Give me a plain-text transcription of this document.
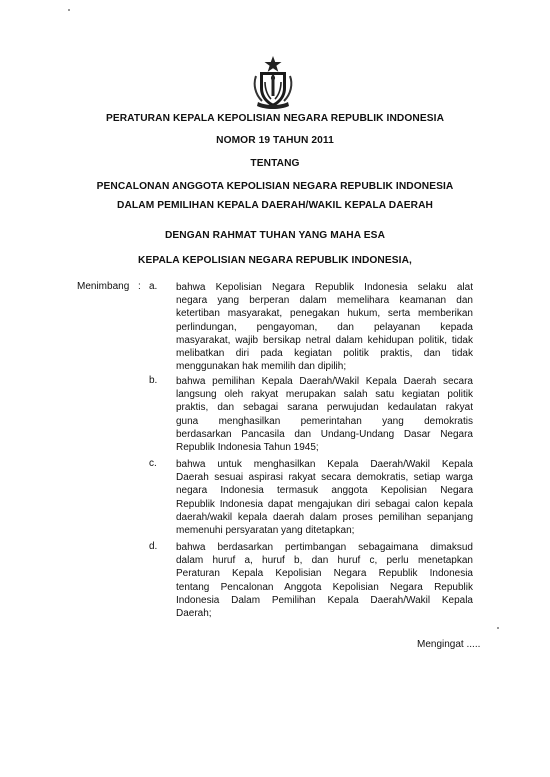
PERATURAN KEPALA KEPOLISIAN NEGARA REPUBLIK INDONESIA
NOMOR 19 TAHUN 2011
TENTANG
PENCALONAN ANGGOTA KEPOLISIAN NEGARA REPUBLIK INDONESIA
DALAM PEMILIHAN KEPALA DAERAH/WAKIL KEPALA DAERAH
DENGAN RAHMAT TUHAN YANG MAHA ESA
KEPALA KEPOLISIAN NEGARA REPUBLIK INDONESIA,
Menimbang : a. bahwa Kepolisian Negara Republik Indonesia selaku alat
negara yang berperan dalam memelihara keamanan dan
ketertiban masyarakat, penegakan hukum, serta memberikan
perlindungan, pengayoman, dan pelayanan kepada
masyarakat, wajib bersikap netral dalam kehidupan politik, tidak
melibatkan diri pada kegiatan politik praktis, dan tidak
menggunakan hak memilih dan dipilih;
b. bahwa pemilihan Kepala Daerah/Wakil Kepala Daerah secara
langsung oleh rakyat merupakan salah satu kegiatan politik
praktis, dan sebagai sarana perwujudan kedaulatan rakyat
guna menghasilkan pemerintahan yang demokratis
berdasarkan Pancasila dan Undang-Undang Dasar Negara
Republik Indonesia Tahun 1945;
c. bahwa untuk menghasilkan Kepala Daerah/Wakil Kepala
Daerah sesuai aspirasi rakyat secara demokratis, setiap warga
negara Indonesia termasuk anggota Kepolisian Negara
Republik Indonesia dapat mengajukan diri sebagai calon kepala
daerah/wakil kepala daerah dalam proses pemilihan sepanjang
memenuhi persyaratan yang ditetapkan;
d. bahwa berdasarkan pertimbangan sebagaimana dimaksud
dalam huruf a, huruf b, dan huruf c, perlu menetapkan
Peraturan Kepala Kepolisian Negara Republik Indonesia
tentang Pencalonan Anggota Kepolisian Negara Republik
Indonesia Dalam Pemilihan Kepala Daerah/Wakil Kepala
Daerah;
Mengingat .....
